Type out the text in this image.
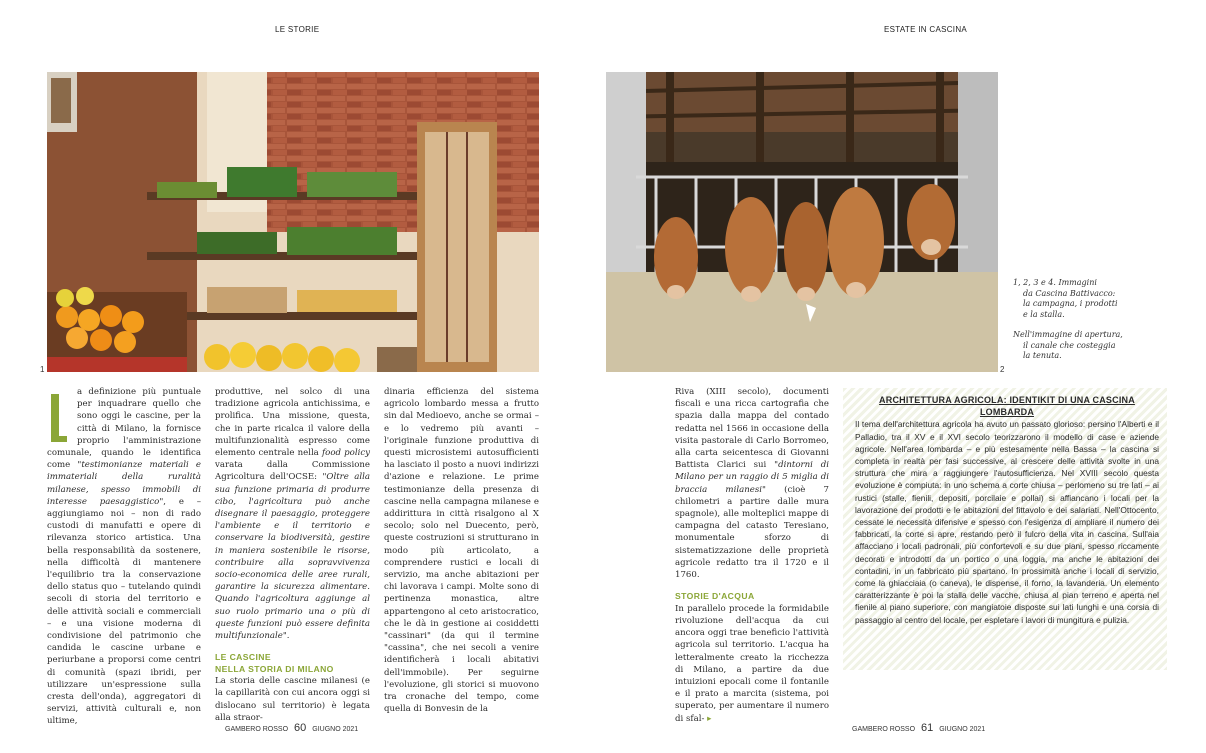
LE STORIE	ESTATE IN CASCINA
1	2

1, 2, 3 e 4. Immagini
da Cascina Battivacco:
la campagna, i prodotti
e la stalla.

Nell'immagine di apertura,
il canale che costeggia
la tenuta.

a definizione più puntuale per inquadrare quello che sono oggi le cascine, per la città di Milano, la fornisce proprio l'amministrazione comunale, quando le identifica come "testimonianze materiali e immateriali della ruralità milanese, spesso immobili di interesse paesaggistico", e – aggiungiamo noi – non di rado custodi di manufatti e opere di rilevanza storico artistica. Una bella responsabilità da sostenere, nella difficoltà di mantenere l'equilibrio tra la conservazione dello status quo – tutelando quindi secoli di storia del territorio e delle attività sociali e commerciali – e una visione moderna di condivisione del patrimonio che candida le cascine urbane e periurbane a proporsi come centri di comunità (spazi ibridi, per utilizzare un'espressione sulla cresta dell'onda), aggregatori di servizi, attività culturali e, non ultime,

produttive, nel solco di una tradizione agricola antichissima, e prolifica. Una missione, questa, che in parte ricalca il valore della multifunzionalità espresso come elemento centrale nella food policy varata dalla Commissione Agricoltura dell'OCSE: "Oltre alla sua funzione primaria di produrre cibo, l'agricoltura può anche disegnare il paesaggio, proteggere l'ambiente e il territorio e conservare la biodiversità, gestire in maniera sostenibile le risorse, contribuire alla sopravvivenza socio-economica delle aree rurali, garantire la sicurezza alimentare. Quando l'agricoltura aggiunge al suo ruolo primario una o più di queste funzioni può essere definita multifunzionale".

LE CASCINE
NELLA STORIA DI MILANO

La storia delle cascine milanesi (e la capillarità con cui ancora oggi si dislocano sul territorio) è legata alla straor-

dinaria efficienza del sistema agricolo lombardo messa a frutto sin dal Medioevo, anche se ormai – e lo vedremo più avanti – l'originale funzione produttiva di questi microsistemi autosufficienti ha lasciato il posto a nuovi indirizzi d'azione e relazione. Le prime testimonianze della presenza di cascine nella campagna milanese e addirittura in città risalgono al X secolo; solo nel Duecento, però, queste costruzioni si strutturano in modo più articolato, a comprendere rustici e locali di servizio, ma anche abitazioni per chi lavorava i campi. Molte sono di pertinenza monastica, altre appartengono al ceto aristocratico, che le dà in gestione ai cosiddetti "cassinari" (da qui il termine "cassina", che nei secoli a venire identificherà i locali abitativi dell'immobile). Per seguirne l'evoluzione, gli storici si muovono tra cronache del tempo, come quella di Bonvesin de la

Riva (XIII secolo), documenti fiscali e una ricca cartografia che spazia dalla mappa del contado redatta nel 1566 in occasione della visita pastorale di Carlo Borromeo, alla carta seicentesca di Giovanni Battista Clarici sui "dintorni di Milano per un raggio di 5 miglia di braccia milanesi" (cioè 7 chilometri a partire dalle mura spagnole), alle molteplici mappe di campagna del catasto Teresiano, monumentale sforzo di sistematizzazione delle proprietà agricole redatto tra il 1720 e il 1760.

STORIE D'ACQUA

In parallelo procede la formidabile rivoluzione dell'acqua da cui ancora oggi trae beneficio l'attività agricola sul territorio. L'acqua ha letteralmente creato la ricchezza di Milano, a partire da due intuizioni epocali come il fontanile e il prato a marcita (sistema, poi superato, per aumentare il numero di sfal- ▸

ARCHITETTURA AGRICOLA: IDENTIKIT DI UNA CASCINA LOMBARDA
Il tema dell'architettura agricola ha avuto un passato glorioso: persino l'Alberti e il Palladio, tra il XV e il XVI secolo teorizzarono il modello di case e aziende agricole. Nell'area lombarda – e più estesamente nella Bassa – la cascina si completa in realtà per fasi successive, al crescere delle attività svolte in una struttura che mira a raggiungere l'autosufficienza. Nel XVIII secolo questa evoluzione è compiuta: in uno schema a corte chiusa – perlomeno su tre lati – ai rustici (stalle, fienili, depositi, porcilaie e pollai) si affiancano i locali per la lavorazione dei prodotti e le abitazioni del fittavolo e dei salariati. Nell'Ottocento, cessate le necessità difensive e spesso con l'esigenza di ampliare il numero dei fabbricati, la corte si apre, restando però il fulcro della vita in cascina. Sull'aia affacciano i locali padronali, più confortevoli e su due piani, spesso riccamente decorati e introdotti da un portico o una loggia, ma anche le abitazioni dei contadini, in un fabbricato più spartano. In prossimità anche i locali di servizio, come la ghiacciaia (o caneva), le dispense, il forno, la lavanderia. Un elemento caratterizzante è poi la stalla delle vacche, chiusa al pian terreno e aperta nel fienile al piano superiore, con mangiatoie disposte sui lati lunghi e una corsia di passaggio al centro del locale, per espletare i lavori di mungitura e pulizia.
GAMBERO ROSSO 60 GIUGNO 2021	GAMBERO ROSSO 61 GIUGNO 2021
